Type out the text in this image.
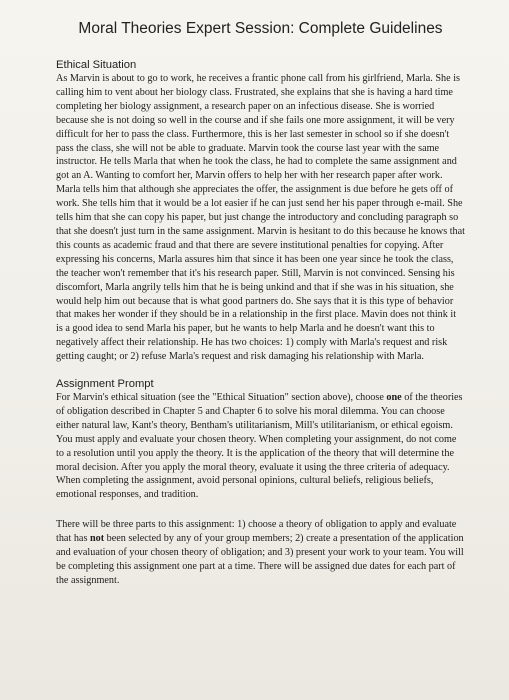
Moral Theories Expert Session: Complete Guidelines
Ethical Situation

As Marvin is about to go to work, he receives a frantic phone call from his girlfriend, Marla. She is calling him to vent about her biology class. Frustrated, she explains that she is having a hard time completing her biology assignment, a research paper on an infectious disease. She is worried because she is not doing so well in the course and if she fails one more assignment, it will be very difficult for her to pass the class. Furthermore, this is her last semester in school so if she doesn't pass the class, she will not be able to graduate. Marvin took the course last year with the same instructor. He tells Marla that when he took the class, he had to complete the same assignment and got an A. Wanting to comfort her, Marvin offers to help her with her research paper after work. Marla tells him that although she appreciates the offer, the assignment is due before he gets off of work. She tells him that it would be a lot easier if he can just send her his paper through e-mail. She tells him that she can copy his paper, but just change the introductory and concluding paragraph so that she doesn't just turn in the same assignment. Marvin is hesitant to do this because he knows that this counts as academic fraud and that there are severe institutional penalties for copying. After expressing his concerns, Marla assures him that since it has been one year since he took the class, the teacher won't remember that it's his research paper. Still, Marvin is not convinced. Sensing his discomfort, Marla angrily tells him that he is being unkind and that if she was in his situation, she would help him out because that is what good partners do. She says that it is this type of behavior that makes her wonder if they should be in a relationship in the first place. Mavin does not think it is a good idea to send Marla his paper, but he wants to help Marla and he doesn't want this to negatively affect their relationship. He has two choices: 1) comply with Marla's request and risk getting caught; or 2) refuse Marla's request and risk damaging his relationship with Marla.

Assignment Prompt

For Marvin's ethical situation (see the "Ethical Situation" section above), choose one of the theories of obligation described in Chapter 5 and Chapter 6 to solve his moral dilemma. You can choose either natural law, Kant's theory, Bentham's utilitarianism, Mill's utilitarianism, or ethical egoism. You must apply and evaluate your chosen theory. When completing your assignment, do not come to a resolution until you apply the theory. It is the application of the theory that will determine the moral decision. After you apply the moral theory, evaluate it using the three criteria of adequacy. When completing the assignment, avoid personal opinions, cultural beliefs, religious beliefs, emotional responses, and tradition.

There will be three parts to this assignment: 1) choose a theory of obligation to apply and evaluate that has not been selected by any of your group members; 2) create a presentation of the application and evaluation of your chosen theory of obligation; and 3) present your work to your team. You will be completing this assignment one part at a time. There will be assigned due dates for each part of the assignment.
